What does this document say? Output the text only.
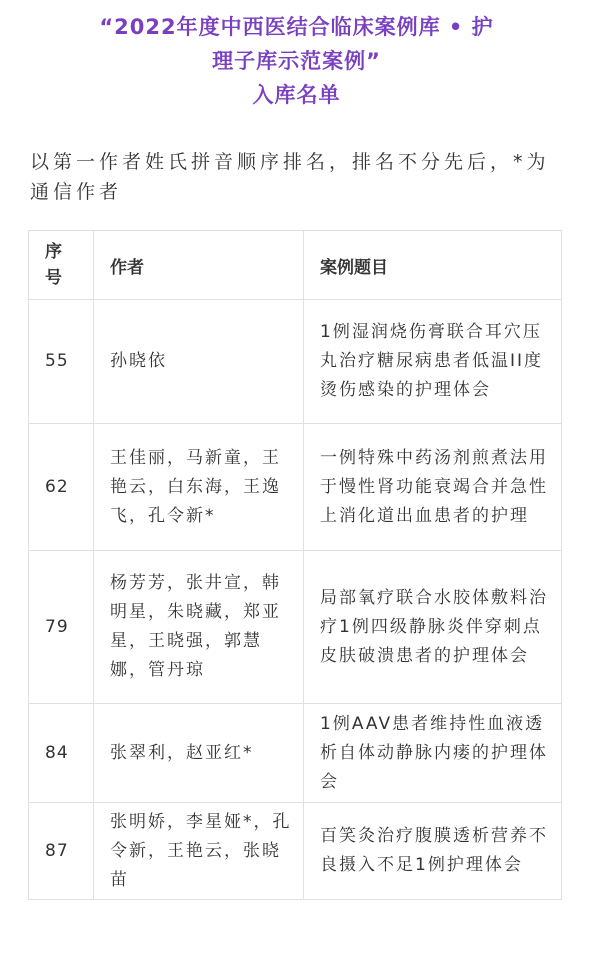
“2022年度中西医结合临床案例库 • 护
理子库示范案例”
入库名单
以第一作者姓氏拼音顺序排名，排名不分先后，*为通信作者
序号	作者	案例题目
55	孙晓依	1例湿润烧伤膏联合耳穴压丸治疗糖尿病患者低温II度烫伤感染的护理体会
62	王佳丽，马新童，王艳云，白东海，王逸飞，孔令新*	一例特殊中药汤剂煎煮法用于慢性肾功能衰竭合并急性上消化道出血患者的护理
79	杨芳芳，张井宣，韩明星，朱晓藏，郑亚星，王晓强，郭慧娜，管丹琼	局部氧疗联合水胶体敷料治疗1例四级静脉炎伴穿刺点皮肤破溃患者的护理体会
84	张翠利，赵亚红*	1例AAV患者维持性血液透析自体动静脉内瘘的护理体会
87	张明娇，李星娅*，孔令新，王艳云，张晓苗	百笑灸治疗腹膜透析营养不良摄入不足1例护理体会
